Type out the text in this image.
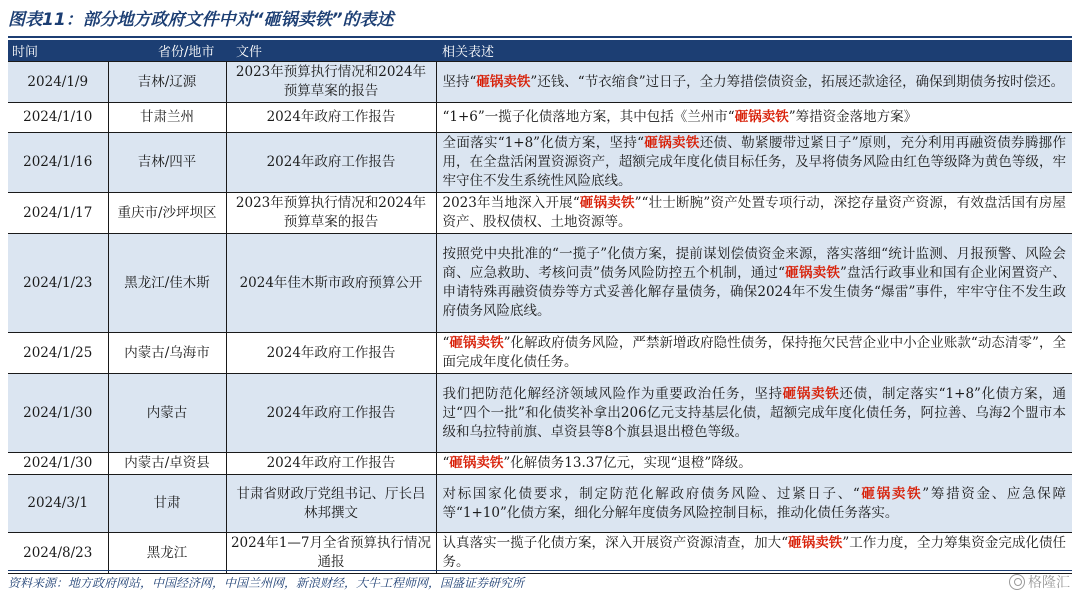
图表11：部分地方政府文件中对“砸锅卖铁”的表述
时间	省份/地市	文件	相关表述
2024/1/9	吉林/辽源	2023年预算执行情况和2024年预算草案的报告	坚持“砸锅卖铁”还钱、“节衣缩食”过日子，全力筹措偿债资金，拓展还款途径，确保到期债务按时偿还。
2024/1/10	甘肃兰州	2024年政府工作报告	“1+6”一揽子化债落地方案，其中包括《兰州市“砸锅卖铁”筹措资金落地方案》
2024/1/16	吉林/四平	2024年政府工作报告	全面落实“1+8”化债方案，坚持“砸锅卖铁还债、勒紧腰带过紧日子”原则，充分利用再融资债券腾挪作用，在全盘活闲置资源资产，超额完成年度化债目标任务，及早将债务风险由红色等级降为黄色等级，牢牢守住不发生系统性风险底线。
2024/1/17	重庆市/沙坪坝区	2023年预算执行情况和2024年预算草案的报告	2023年当地深入开展“砸锅卖铁”“壮士断腕”资产处置专项行动，深挖存量资产资源，有效盘活国有房屋资产、股权债权、土地资源等。
2024/1/23	黑龙江/佳木斯	2024年佳木斯市政府预算公开	按照党中央批准的“一揽子”化债方案，提前谋划偿债资金来源，落实落细“统计监测、月报预警、风险会商、应急救助、考核问责”债务风险防控五个机制，通过“砸锅卖铁”盘活行政事业和国有企业闲置资产、申请特殊再融资债券等方式妥善化解存量债务，确保2024年不发生债务“爆雷”事件，牢牢守住不发生政府债务风险底线。
2024/1/25	内蒙古/乌海市	2024年政府工作报告	“砸锅卖铁”化解政府债务风险，严禁新增政府隐性债务，保持拖欠民营企业中小企业账款“动态清零”，全面完成年度化债任务。
2024/1/30	内蒙古	2024年政府工作报告	我们把防范化解经济领域风险作为重要政治任务，坚持砸锅卖铁还债，制定落实“1+8”化债方案，通过“四个一批”和化债奖补拿出206亿元支持基层化债，超额完成年度化债任务，阿拉善、乌海2个盟市本级和乌拉特前旗、卓资县等8个旗县退出橙色等级。
2024/1/30	内蒙古/卓资县	2024年政府工作报告	“砸锅卖铁”化解债务13.37亿元，实现“退橙”降级。
2024/3/1	甘肃	甘肃省财政厅党组书记、厅长吕林邦撰文	对标国家化债要求，制定防范化解政府债务风险、过紧日子、“砸锅卖铁”筹措资金、应急保障等“1+10”化债方案，细化分解年度债务风险控制目标，推动化债任务落实。
2024/8/23	黑龙江	2024年1—7月全省预算执行情况通报	认真落实一揽子化债方案，深入开展资产资源清查，加大“砸锅卖铁”工作力度，全力筹集资金完成化债任务。
资料来源：地方政府网站，中国经济网，中国兰州网，新浪财经，大牛工程师网，国盛证券研究所	格隆汇
